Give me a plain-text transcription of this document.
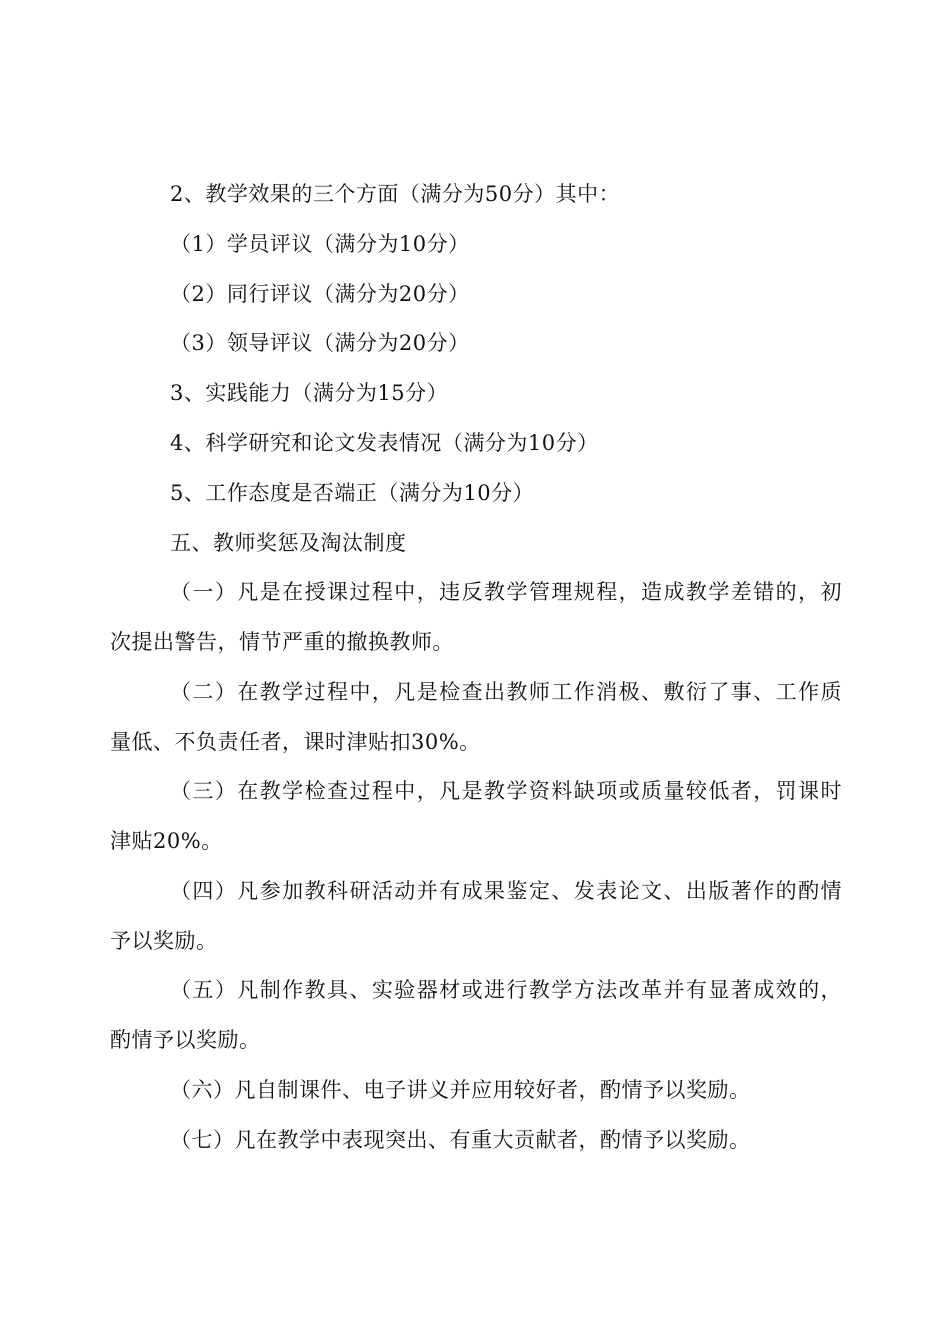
2、教学效果的三个方面（满分为50分）其中：
（1）学员评议（满分为10分）
（2）同行评议（满分为20分）
（3）领导评议（满分为20分）
3、实践能力（满分为15分）
4、科学研究和论文发表情况（满分为10分）
5、工作态度是否端正（满分为10分）
五、教师奖惩及淘汰制度
（一）凡是在授课过程中，违反教学管理规程，造成教学差错的，初
次提出警告，情节严重的撤换教师。
（二）在教学过程中，凡是检查出教师工作消极、敷衍了事、工作质
量低、不负责任者，课时津贴扣30%。
（三）在教学检查过程中，凡是教学资料缺项或质量较低者，罚课时
津贴20%。
（四）凡参加教科研活动并有成果鉴定、发表论文、出版著作的酌情
予以奖励。
（五）凡制作教具、实验器材或进行教学方法改革并有显著成效的，
酌情予以奖励。
（六）凡自制课件、电子讲义并应用较好者，酌情予以奖励。
（七）凡在教学中表现突出、有重大贡献者，酌情予以奖励。
